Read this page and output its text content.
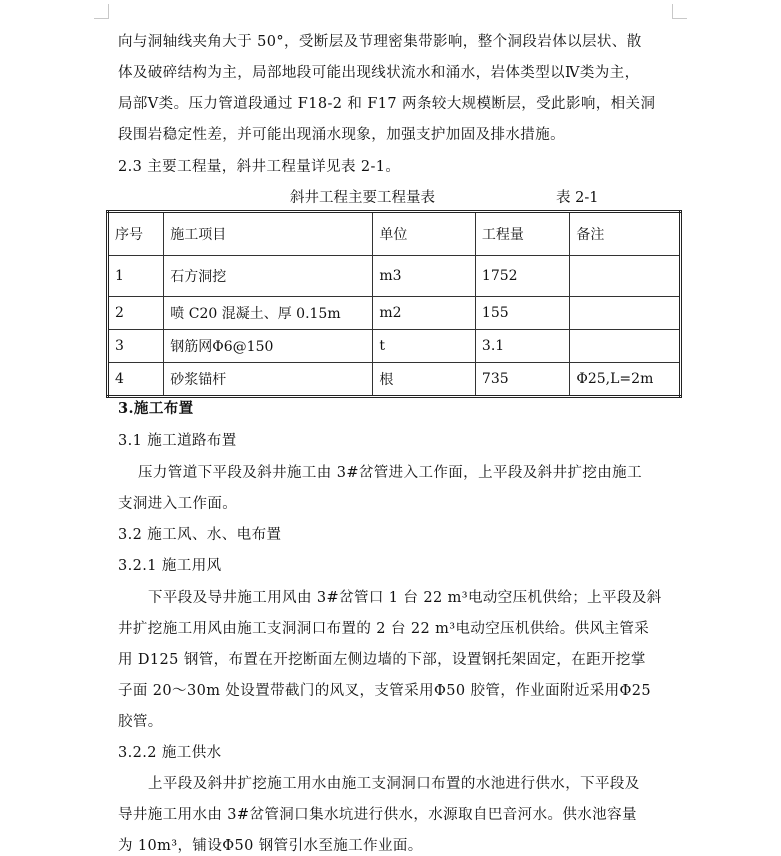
向与洞轴线夹角大于 50°，受断层及节理密集带影响，整个洞段岩体以层状、散
体及破碎结构为主，局部地段可能出现线状流水和涌水，岩体类型以Ⅳ类为主，
局部Ⅴ类。压力管道段通过 F18-2 和 F17 两条较大规模断层，受此影响，相关洞
段围岩稳定性差，并可能出现涌水现象，加强支护加固及排水措施。
2.3 主要工程量，斜井工程量详见表 2-1。
斜井工程主要工程量表	表 2-1
序号	施工项目	单位	工程量	备注
1	石方洞挖	m3	1752	
2	喷 C20 混凝土、厚 0.15m	m2	155	
3	钢筋网Φ6@150	t	3.1	
4	砂浆锚杆	根	735	Φ25,L=2m
3.施工布置
3.1 施工道路布置
压力管道下平段及斜井施工由 3#岔管进入工作面，上平段及斜井扩挖由施工
支洞进入工作面。
3.2 施工风、水、电布置
3.2.1 施工用风
下平段及导井施工用风由 3#岔管口 1 台 22 m³电动空压机供给；上平段及斜
井扩挖施工用风由施工支洞洞口布置的 2 台 22 m³电动空压机供给。供风主管采
用 D125 钢管，布置在开挖断面左侧边墙的下部，设置钢托架固定，在距开挖掌
子面 20～30m 处设置带截门的风叉，支管采用Φ50 胶管，作业面附近采用Φ25
胶管。
3.2.2 施工供水
上平段及斜井扩挖施工用水由施工支洞洞口布置的水池进行供水，下平段及
导井施工用水由 3#岔管洞口集水坑进行供水，水源取自巴音河水。供水池容量
为 10m³，铺设Φ50 钢管引水至施工作业面。
